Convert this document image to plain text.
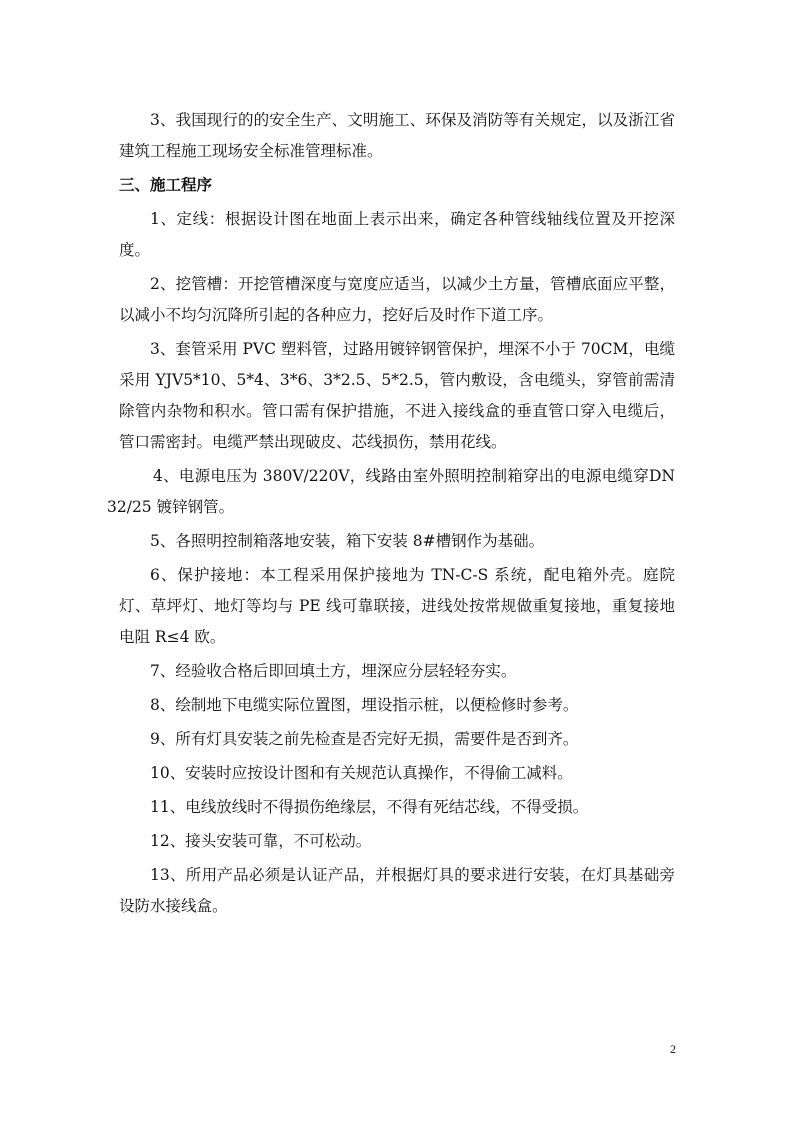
3、我国现行的的安全生产、文明施工、环保及消防等有关规定，以及浙江省建筑工程施工现场安全标准管理标准。

三、施工程序

1、定线：根据设计图在地面上表示出来，确定各种管线轴线位置及开挖深度。

2、挖管槽：开挖管槽深度与宽度应适当，以减少土方量，管槽底面应平整，以减小不均匀沉降所引起的各种应力，挖好后及时作下道工序。

3、套管采用 PVC 塑料管，过路用镀锌钢管保护，埋深不小于 70CM，电缆采用 YJV5*10、5*4、3*6、3*2.5、5*2.5，管内敷设，含电缆头，穿管前需清除管内杂物和积水。管口需有保护措施，不进入接线盒的垂直管口穿入电缆后，管口需密封。电缆严禁出现破皮、芯线损伤，禁用花线。

4、电源电压为 380V/220V，线路由室外照明控制箱穿出的电源电缆穿DN32/25 镀锌钢管。

5、各照明控制箱落地安装，箱下安装 8#槽钢作为基础。

6、保护接地：本工程采用保护接地为 TN-C-S 系统，配电箱外壳。庭院灯、草坪灯、地灯等均与 PE 线可靠联接，进线处按常规做重复接地，重复接地电阻 R≤4 欧。

7、经验收合格后即回填土方，埋深应分层轻轻夯实。

8、绘制地下电缆实际位置图，埋设指示桩，以便检修时参考。

9、所有灯具安装之前先检查是否完好无损，需要件是否到齐。

10、安装时应按设计图和有关规范认真操作，不得偷工减料。

11、电线放线时不得损伤绝缘层，不得有死结芯线，不得受损。

12、接头安装可靠，不可松动。

13、所用产品必须是认证产品，并根据灯具的要求进行安装，在灯具基础旁设防水接线盒。

2
